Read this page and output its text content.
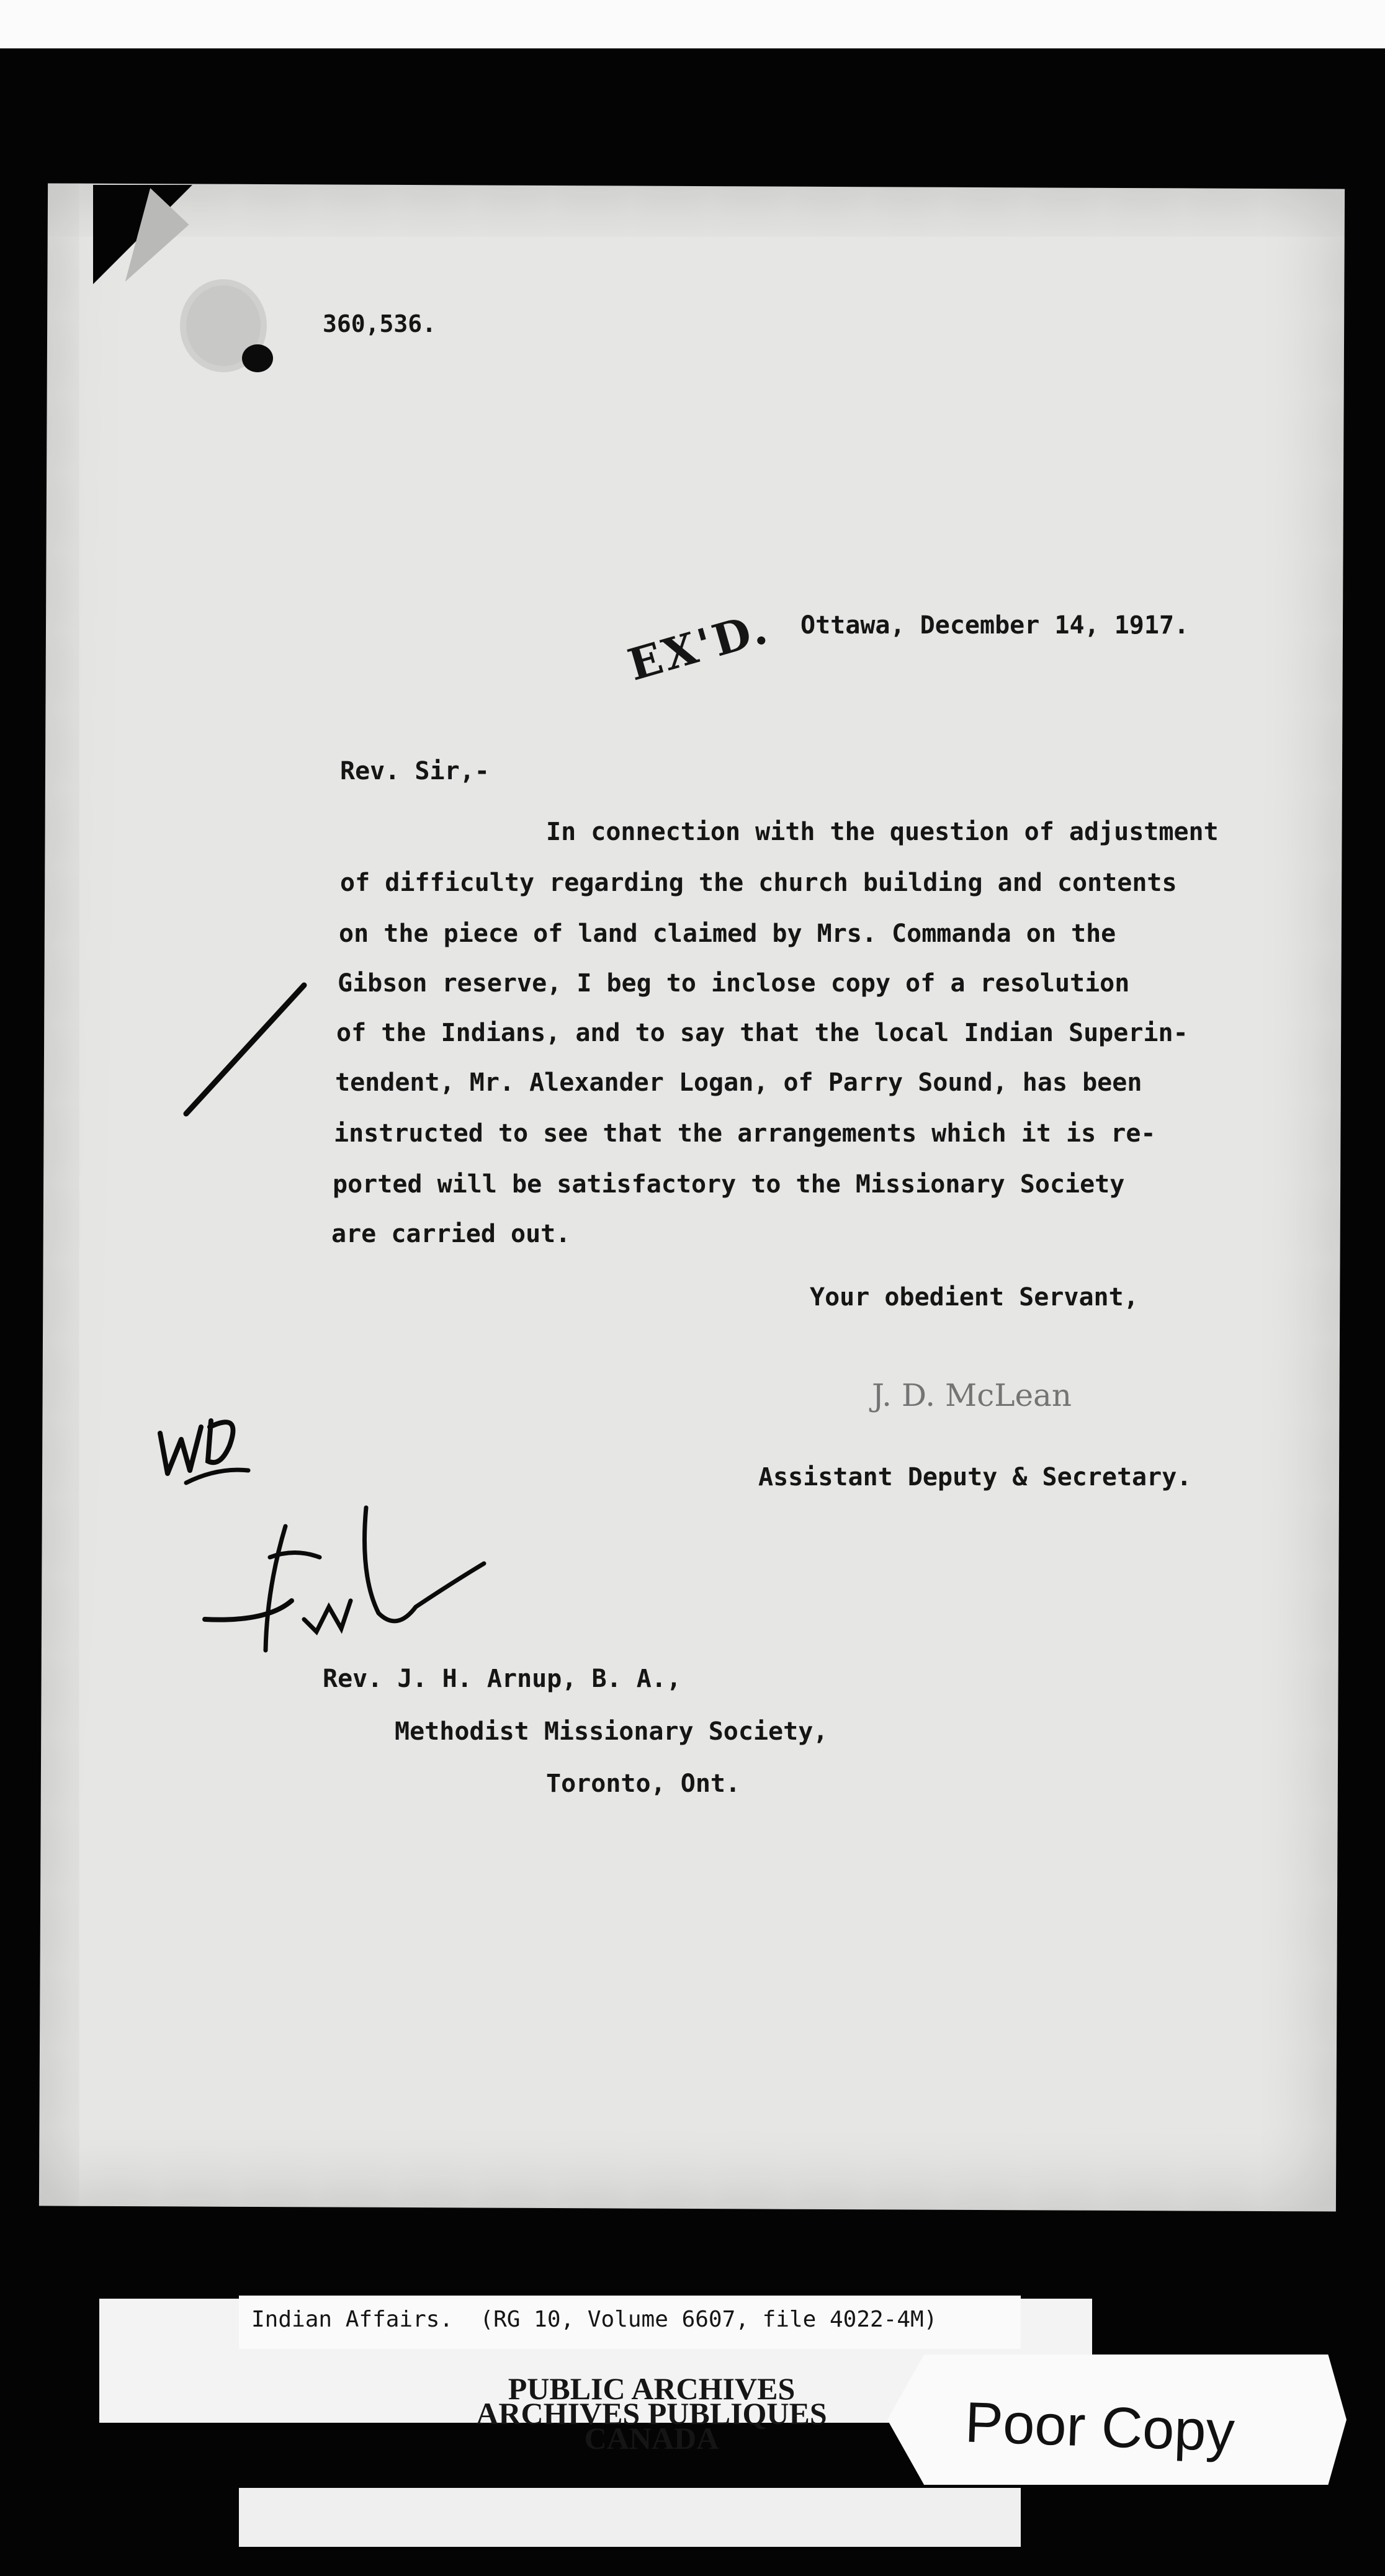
360,536.
EX'D. Ottawa, December 14, 1917.
Rev. Sir,-
In connection with the question of adjustment
of difficulty regarding the church building and contents
on the piece of land claimed by Mrs. Commanda on the
Gibson reserve, I beg to inclose copy of a resolution
of the Indians, and to say that the local Indian Superin-
tendent, Mr. Alexander Logan, of Parry Sound, has been
instructed to see that the arrangements which it is re-
ported will be satisfactory to the Missionary Society
are carried out.
Your obedient Servant,
J. D. McLean
Assistant Deputy & Secretary.
Rev. J. H. Arnup, B. A.,
Methodist Missionary Society,
Toronto, Ont.
Indian Affairs.  (RG 10, Volume 6607, file 4022-4M)
PUBLIC ARCHIVES
ARCHIVES PUBLIQUES
CANADA	Poor Copy
